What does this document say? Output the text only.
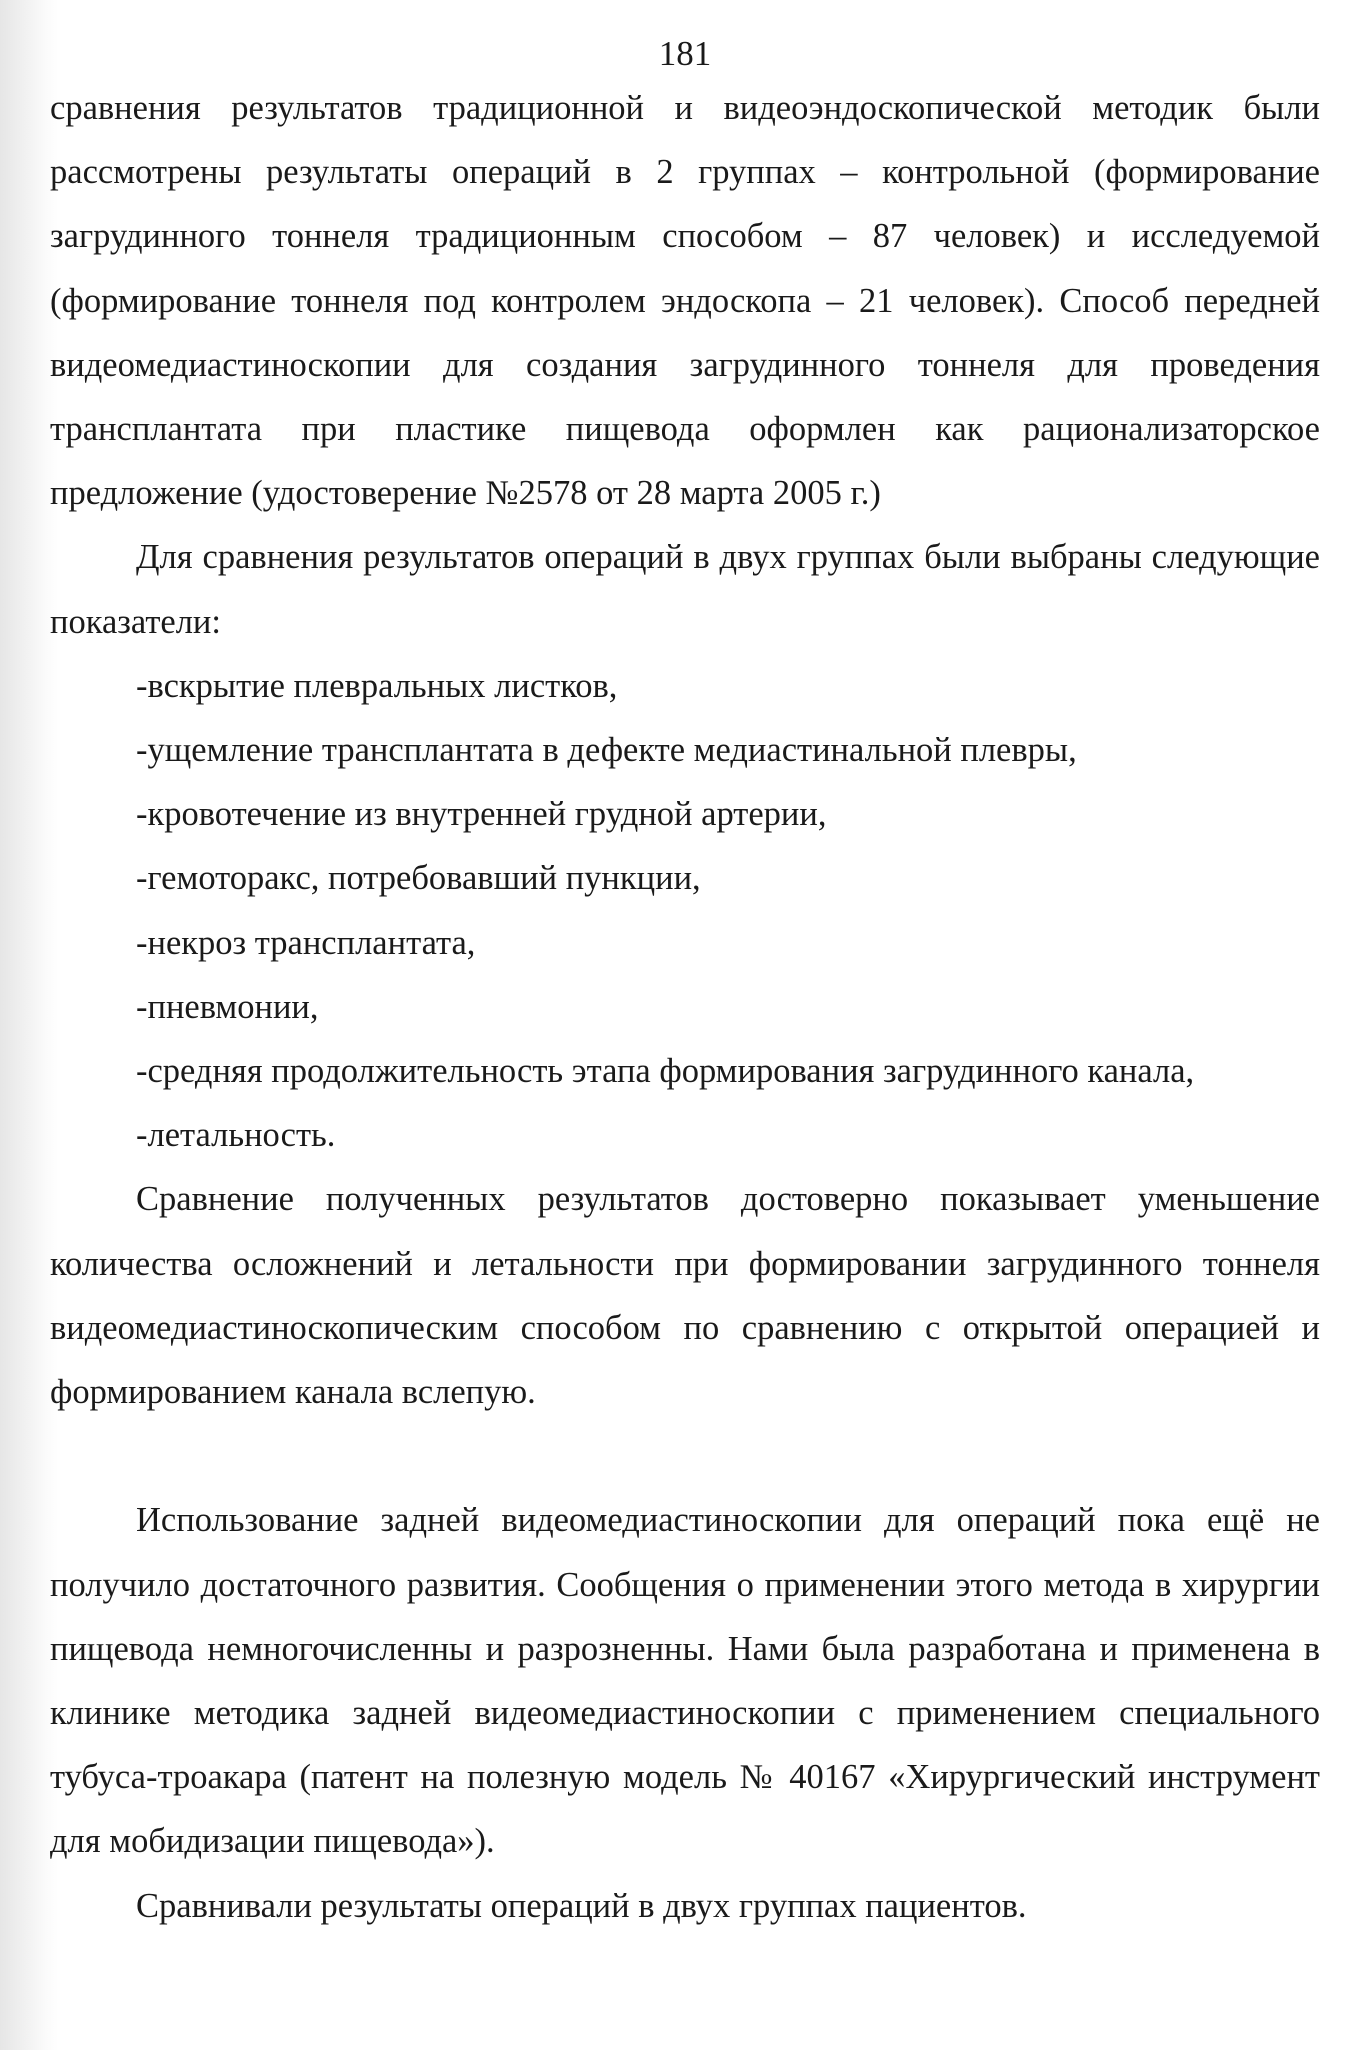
181

сравнения результатов традиционной и видеоэндоскопической методик были рассмотрены результаты операций в 2 группах – контрольной (формирование загрудинного тоннеля традиционным способом – 87 человек) и исследуемой (формирование тоннеля под контролем эндоскопа – 21 человек). Способ передней видеомедиастиноскопии для создания загрудинного тоннеля для проведения трансплантата при пластике пищевода оформлен как рационализаторское предложение (удостоверение №2578 от 28 марта 2005 г.)

Для сравнения результатов операций в двух группах были выбраны следующие показатели:

-вскрытие плевральных листков,
-ущемление трансплантата в дефекте медиастинальной плевры,
-кровотечение из внутренней грудной артерии,
-гемоторакс, потребовавший пункции,
-некроз трансплантата,
-пневмонии,
-средняя продолжительность этапа формирования загрудинного канала,
-летальность.

Сравнение полученных результатов достоверно показывает уменьшение количества осложнений и летальности при формировании загрудинного тоннеля видеомедиастиноскопическим способом по сравнению с открытой операцией и формированием канала вслепую.

Использование задней видеомедиастиноскопии для операций пока ещё не получило достаточного развития. Сообщения о применении этого метода в хирургии пищевода немногочисленны и разрозненны. Нами была разработана и применена в клинике методика задней видеомедиастиноскопии с применением специального тубуса-троакара (патент на полезную модель № 40167 «Хирургический инструмент для мобидизации пищевода»).

Сравнивали результаты операций в двух группах пациентов.
